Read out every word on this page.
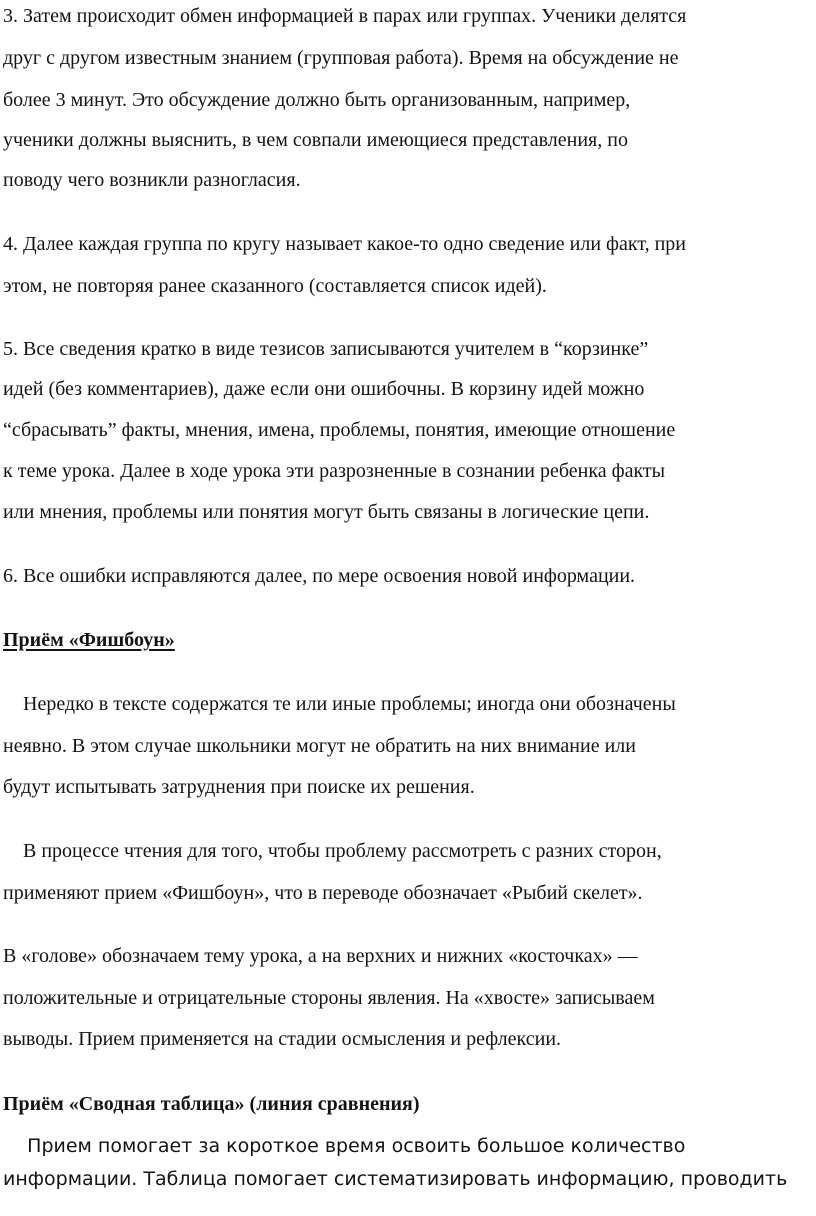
3. Затем происходит обмен информацией в парах или группах. Ученики делятся
друг с другом известным знанием (групповая работа). Время на обсуждение не
более 3 минут. Это обсуждение должно быть организованным, например,
ученики должны выяснить, в чем совпали имеющиеся представления, по
поводу чего возникли разногласия.
4. Далее каждая группа по кругу называет какое-то одно сведение или факт, при
этом, не повторяя ранее сказанного (составляется список идей).
5. Все сведения кратко в виде тезисов записываются учителем в “корзинке”
идей (без комментариев), даже если они ошибочны. В корзину идей можно
“сбрасывать” факты, мнения, имена, проблемы, понятия, имеющие отношение
к теме урока. Далее в ходе урока эти разрозненные в сознании ребенка факты
или мнения, проблемы или понятия могут быть связаны в логические цепи.
6. Все ошибки исправляются далее, по мере освоения новой информации.
Приём «Фишбоун»
Нередко в тексте содержатся те или иные проблемы; иногда они обозначены
неявно. В этом случае школьники могут не обратить на них внимание или
будут испытывать затруднения при поиске их решения.
В процессе чтения для того, чтобы проблему рассмотреть с разних сторон,
применяют прием «Фишбоун», что в переводе обозначает «Рыбий скелет».
В «голове» обозначаем тему урока, а на верхних и нижних «косточках» —
положительные и отрицательные стороны явления. На «хвосте» записываем
выводы. Прием применяется на стадии осмысления и рефлексии.
Приём «Сводная таблица» (линия сравнения)
Прием помогает за короткое время освоить большое количество
информации. Таблица помогает систематизировать информацию, проводить
